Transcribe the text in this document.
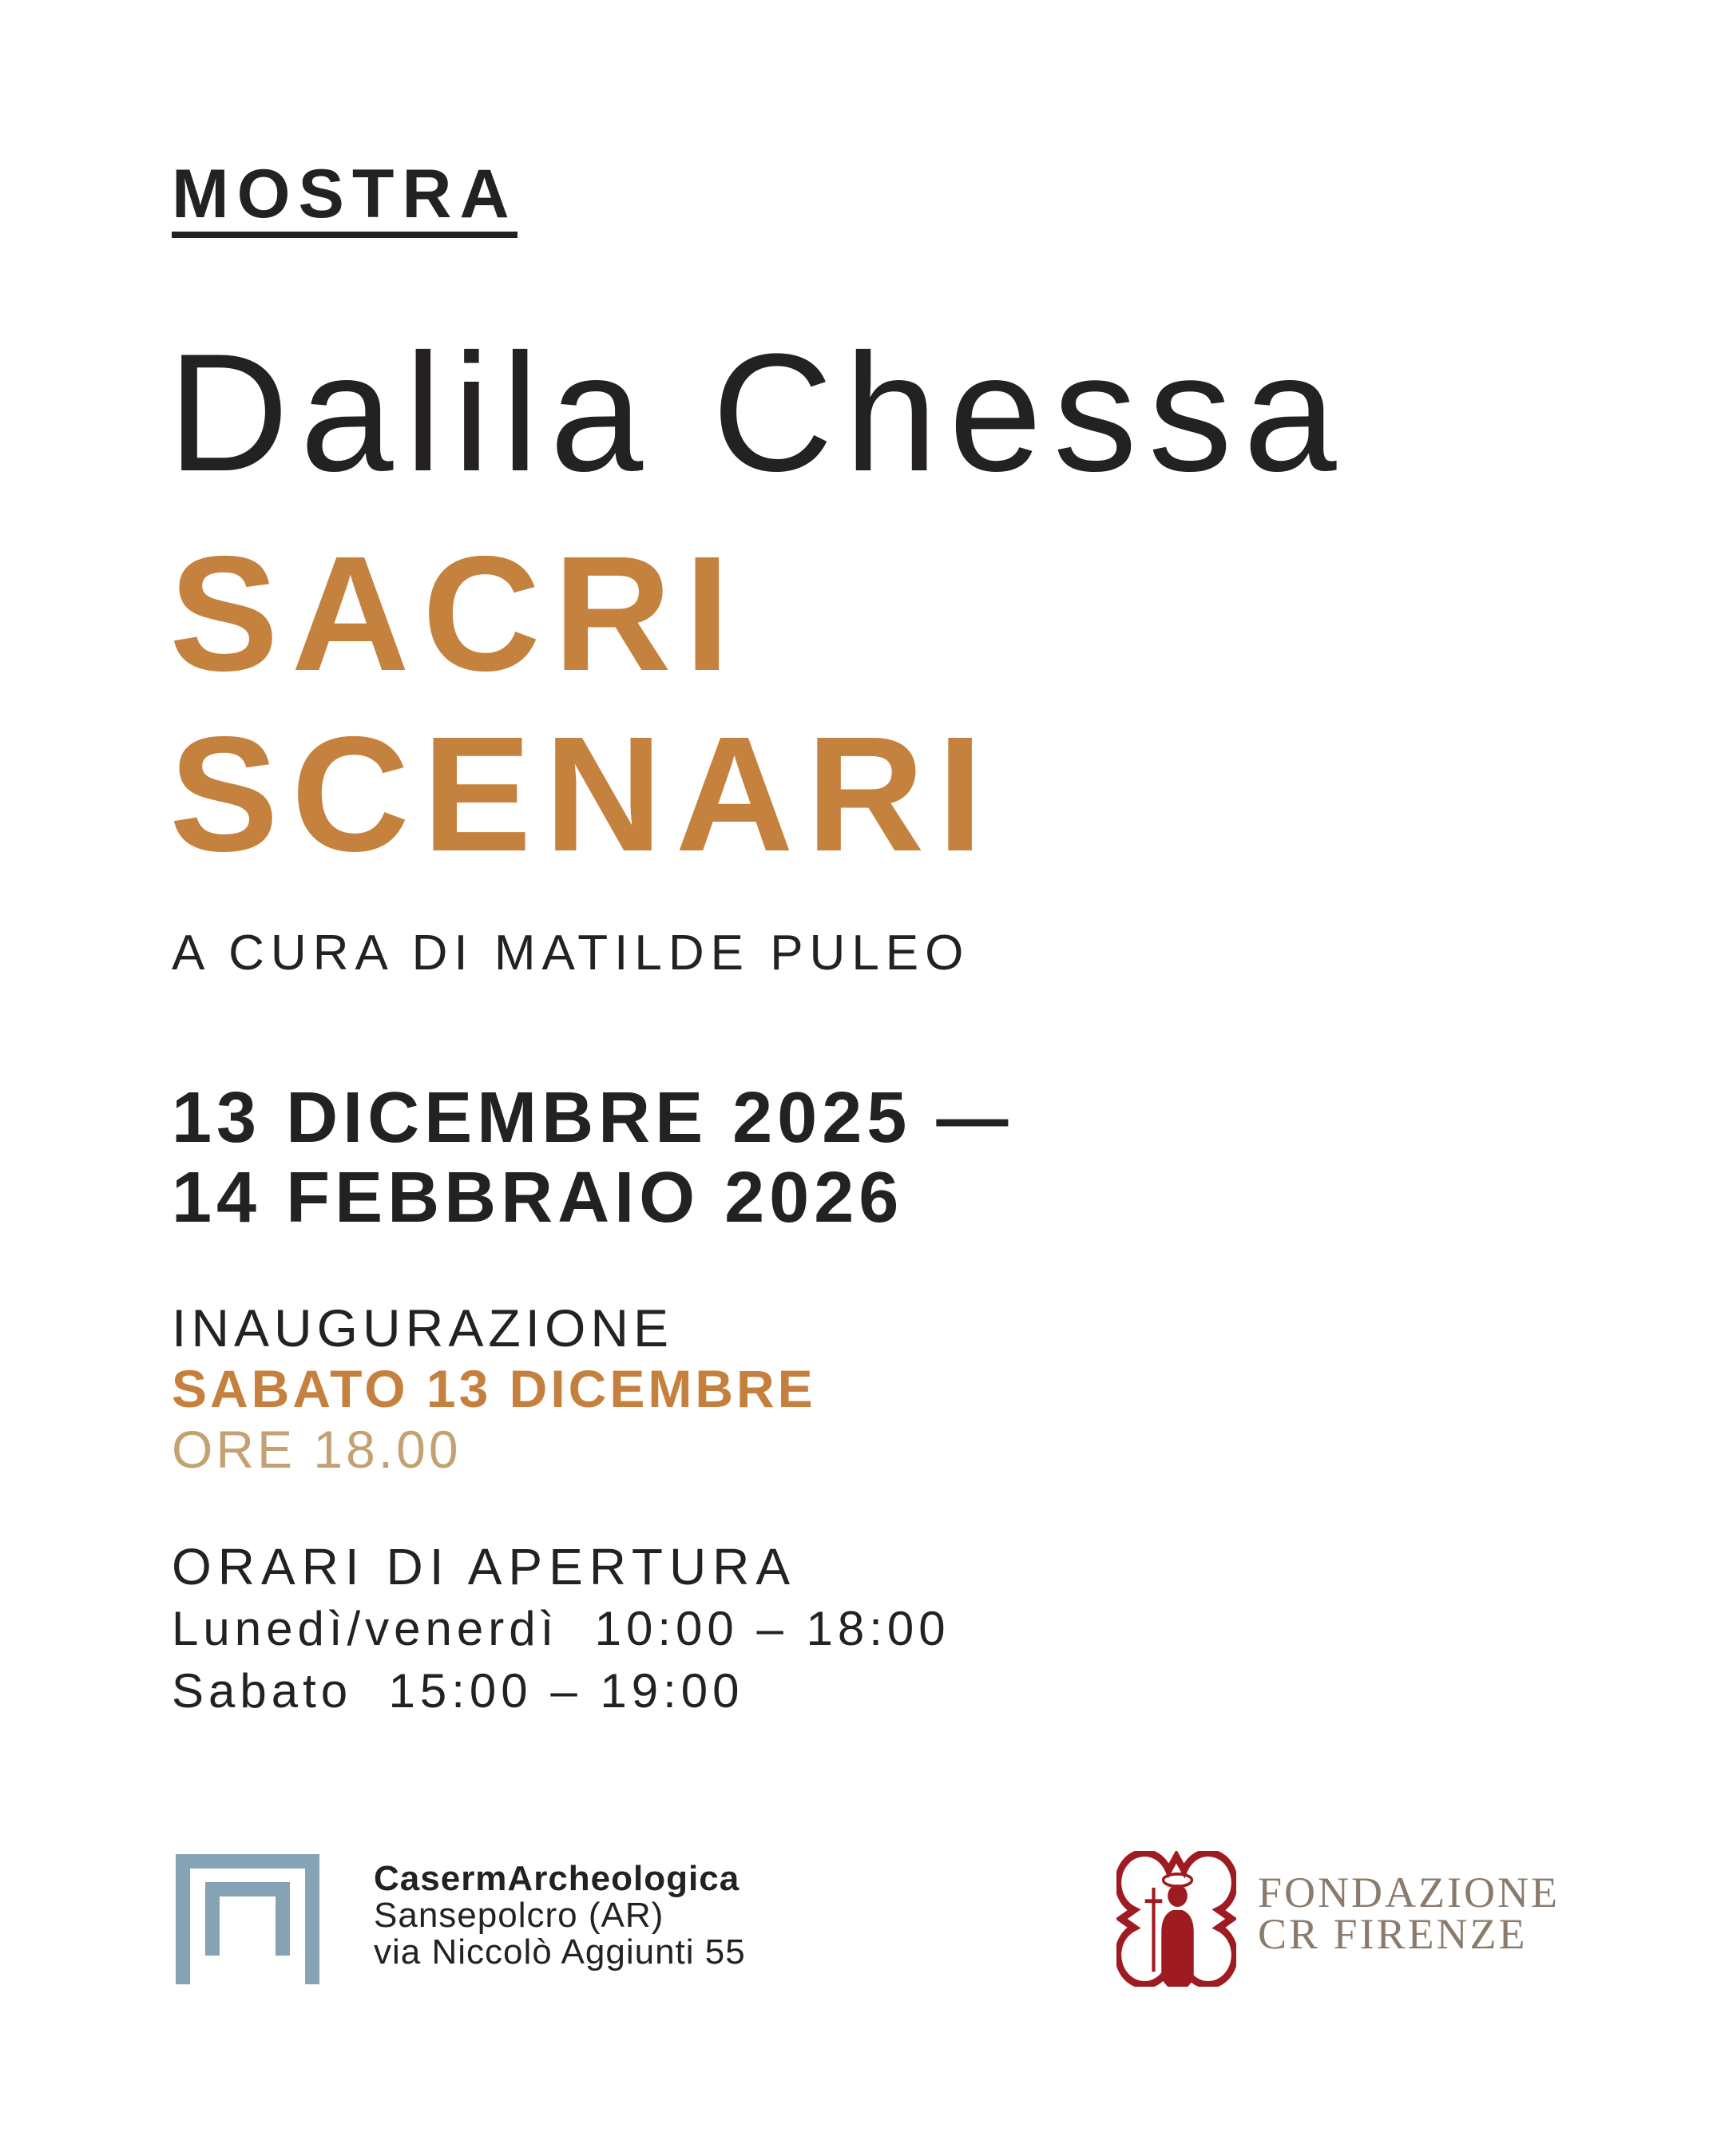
MOSTRA
Dalila Chessa
SACRI
SCENARI
A CURA DI MATILDE PULEO
13 DICEMBRE 2025 —
14 FEBBRAIO 2026
INAUGURAZIONE
SABATO 13 DICEMBRE
ORE 18.00
ORARI DI APERTURA
Lunedì/venerdì  10:00 – 18:00
Sabato  15:00 – 19:00
CasermArcheologica
Sansepolcro (AR)
via Niccolò Aggiunti 55
FONDAZIONE
CR FIRENZE
